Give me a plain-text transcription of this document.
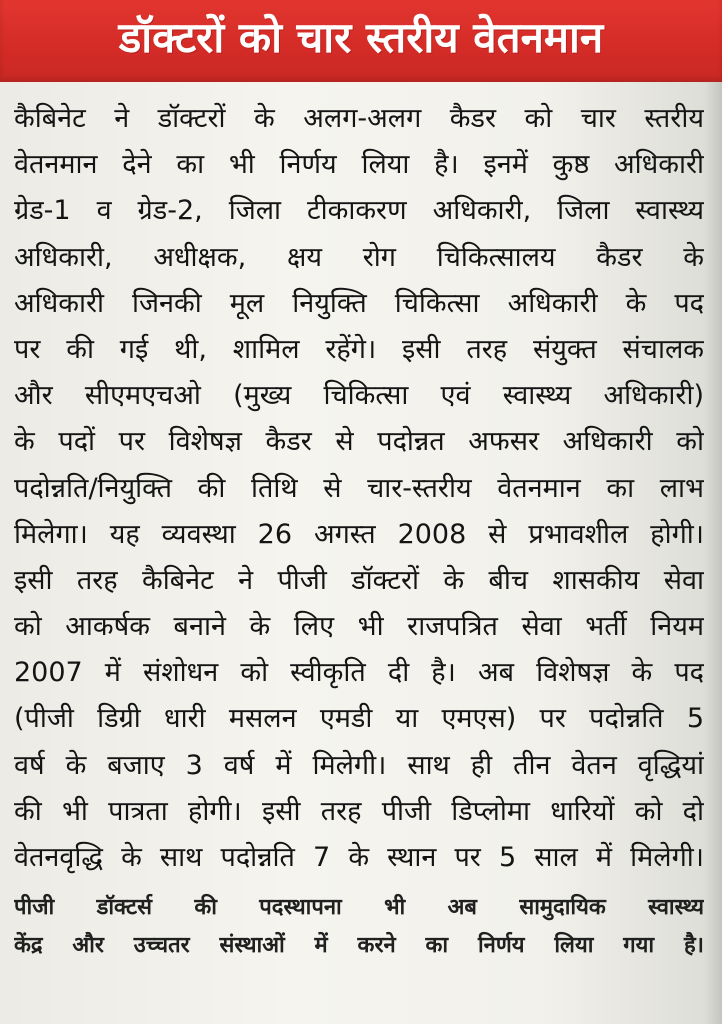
डॉक्टरों को चार स्तरीय वेतनमान
कैबिनेट ने डॉक्टरों के अलग-अलग कैडर को चार स्तरीय
वेतनमान देने का भी निर्णय लिया है। इनमें कुष्ठ अधिकारी
ग्रेड-1 व ग्रेड-2, जिला टीकाकरण अधिकारी, जिला स्वास्थ्य
अधिकारी, अधीक्षक, क्षय रोग चिकित्सालय कैडर के
अधिकारी जिनकी मूल नियुक्ति चिकित्सा अधिकारी के पद
पर की गई थी, शामिल रहेंगे। इसी तरह संयुक्त संचालक
और सीएमएचओ (मुख्य चिकित्सा एवं स्वास्थ्य अधिकारी)
के पदों पर विशेषज्ञ कैडर से पदोन्नत अफसर अधिकारी को
पदोन्नति/नियुक्ति की तिथि से चार-स्तरीय वेतनमान का लाभ
मिलेगा। यह व्यवस्था 26 अगस्त 2008 से प्रभावशील होगी।
इसी तरह कैबिनेट ने पीजी डॉक्टरों के बीच शासकीय सेवा
को आकर्षक बनाने के लिए भी राजपत्रित सेवा भर्ती नियम
2007 में संशोधन को स्वीकृति दी है। अब विशेषज्ञ के पद
(पीजी डिग्री धारी मसलन एमडी या एमएस) पर पदोन्नति 5
वर्ष के बजाए 3 वर्ष में मिलेगी। साथ ही तीन वेतन वृद्धियां
की भी पात्रता होगी। इसी तरह पीजी डिप्लोमा धारियों को दो
वेतनवृद्धि के साथ पदोन्नति 7 के स्थान पर 5 साल में मिलेगी।
पीजी डॉक्टर्स की पदस्थापना भी अब सामुदायिक स्वास्थ्य
केंद्र और उच्चतर संस्थाओं में करने का निर्णय लिया गया है।
